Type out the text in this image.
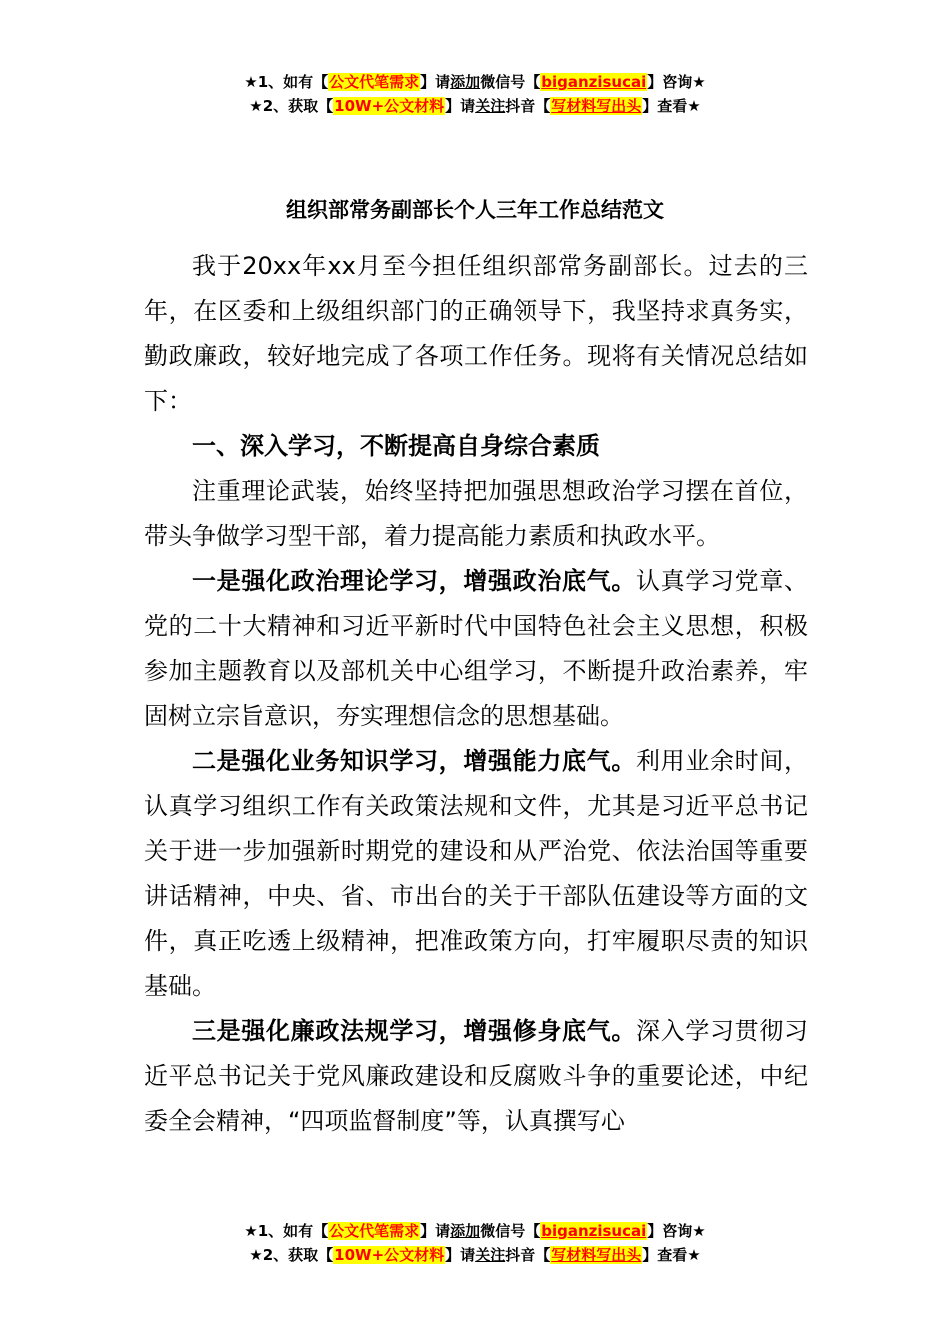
★1、如有【公文代笔需求】请添加微信号【biganzisucai】咨询★
★2、获取【10W+公文材料】请关注抖音【写材料写出头】查看★
组织部常务副部长个人三年工作总结范文

我于20xx年xx月至今担任组织部常务副部长。过去的三年，在区委和上级组织部门的正确领导下，我坚持求真务实，勤政廉政，较好地完成了各项工作任务。现将有关情况总结如下：

一、深入学习，不断提高自身综合素质

注重理论武装，始终坚持把加强思想政治学习摆在首位，带头争做学习型干部，着力提高能力素质和执政水平。

一是强化政治理论学习，增强政治底气。认真学习党章、党的二十大精神和习近平新时代中国特色社会主义思想，积极参加主题教育以及部机关中心组学习，不断提升政治素养，牢固树立宗旨意识，夯实理想信念的思想基础。

二是强化业务知识学习，增强能力底气。利用业余时间，认真学习组织工作有关政策法规和文件，尤其是习近平总书记关于进一步加强新时期党的建设和从严治党、依法治国等重要讲话精神，中央、省、市出台的关于干部队伍建设等方面的文件，真正吃透上级精神，把准政策方向，打牢履职尽责的知识基础。

三是强化廉政法规学习，增强修身底气。深入学习贯彻习近平总书记关于党风廉政建设和反腐败斗争的重要论述，中纪委全会精神，“四项监督制度”等，认真撰写心

★1、如有【公文代笔需求】请添加微信号【biganzisucai】咨询★
★2、获取【10W+公文材料】请关注抖音【写材料写出头】查看★
